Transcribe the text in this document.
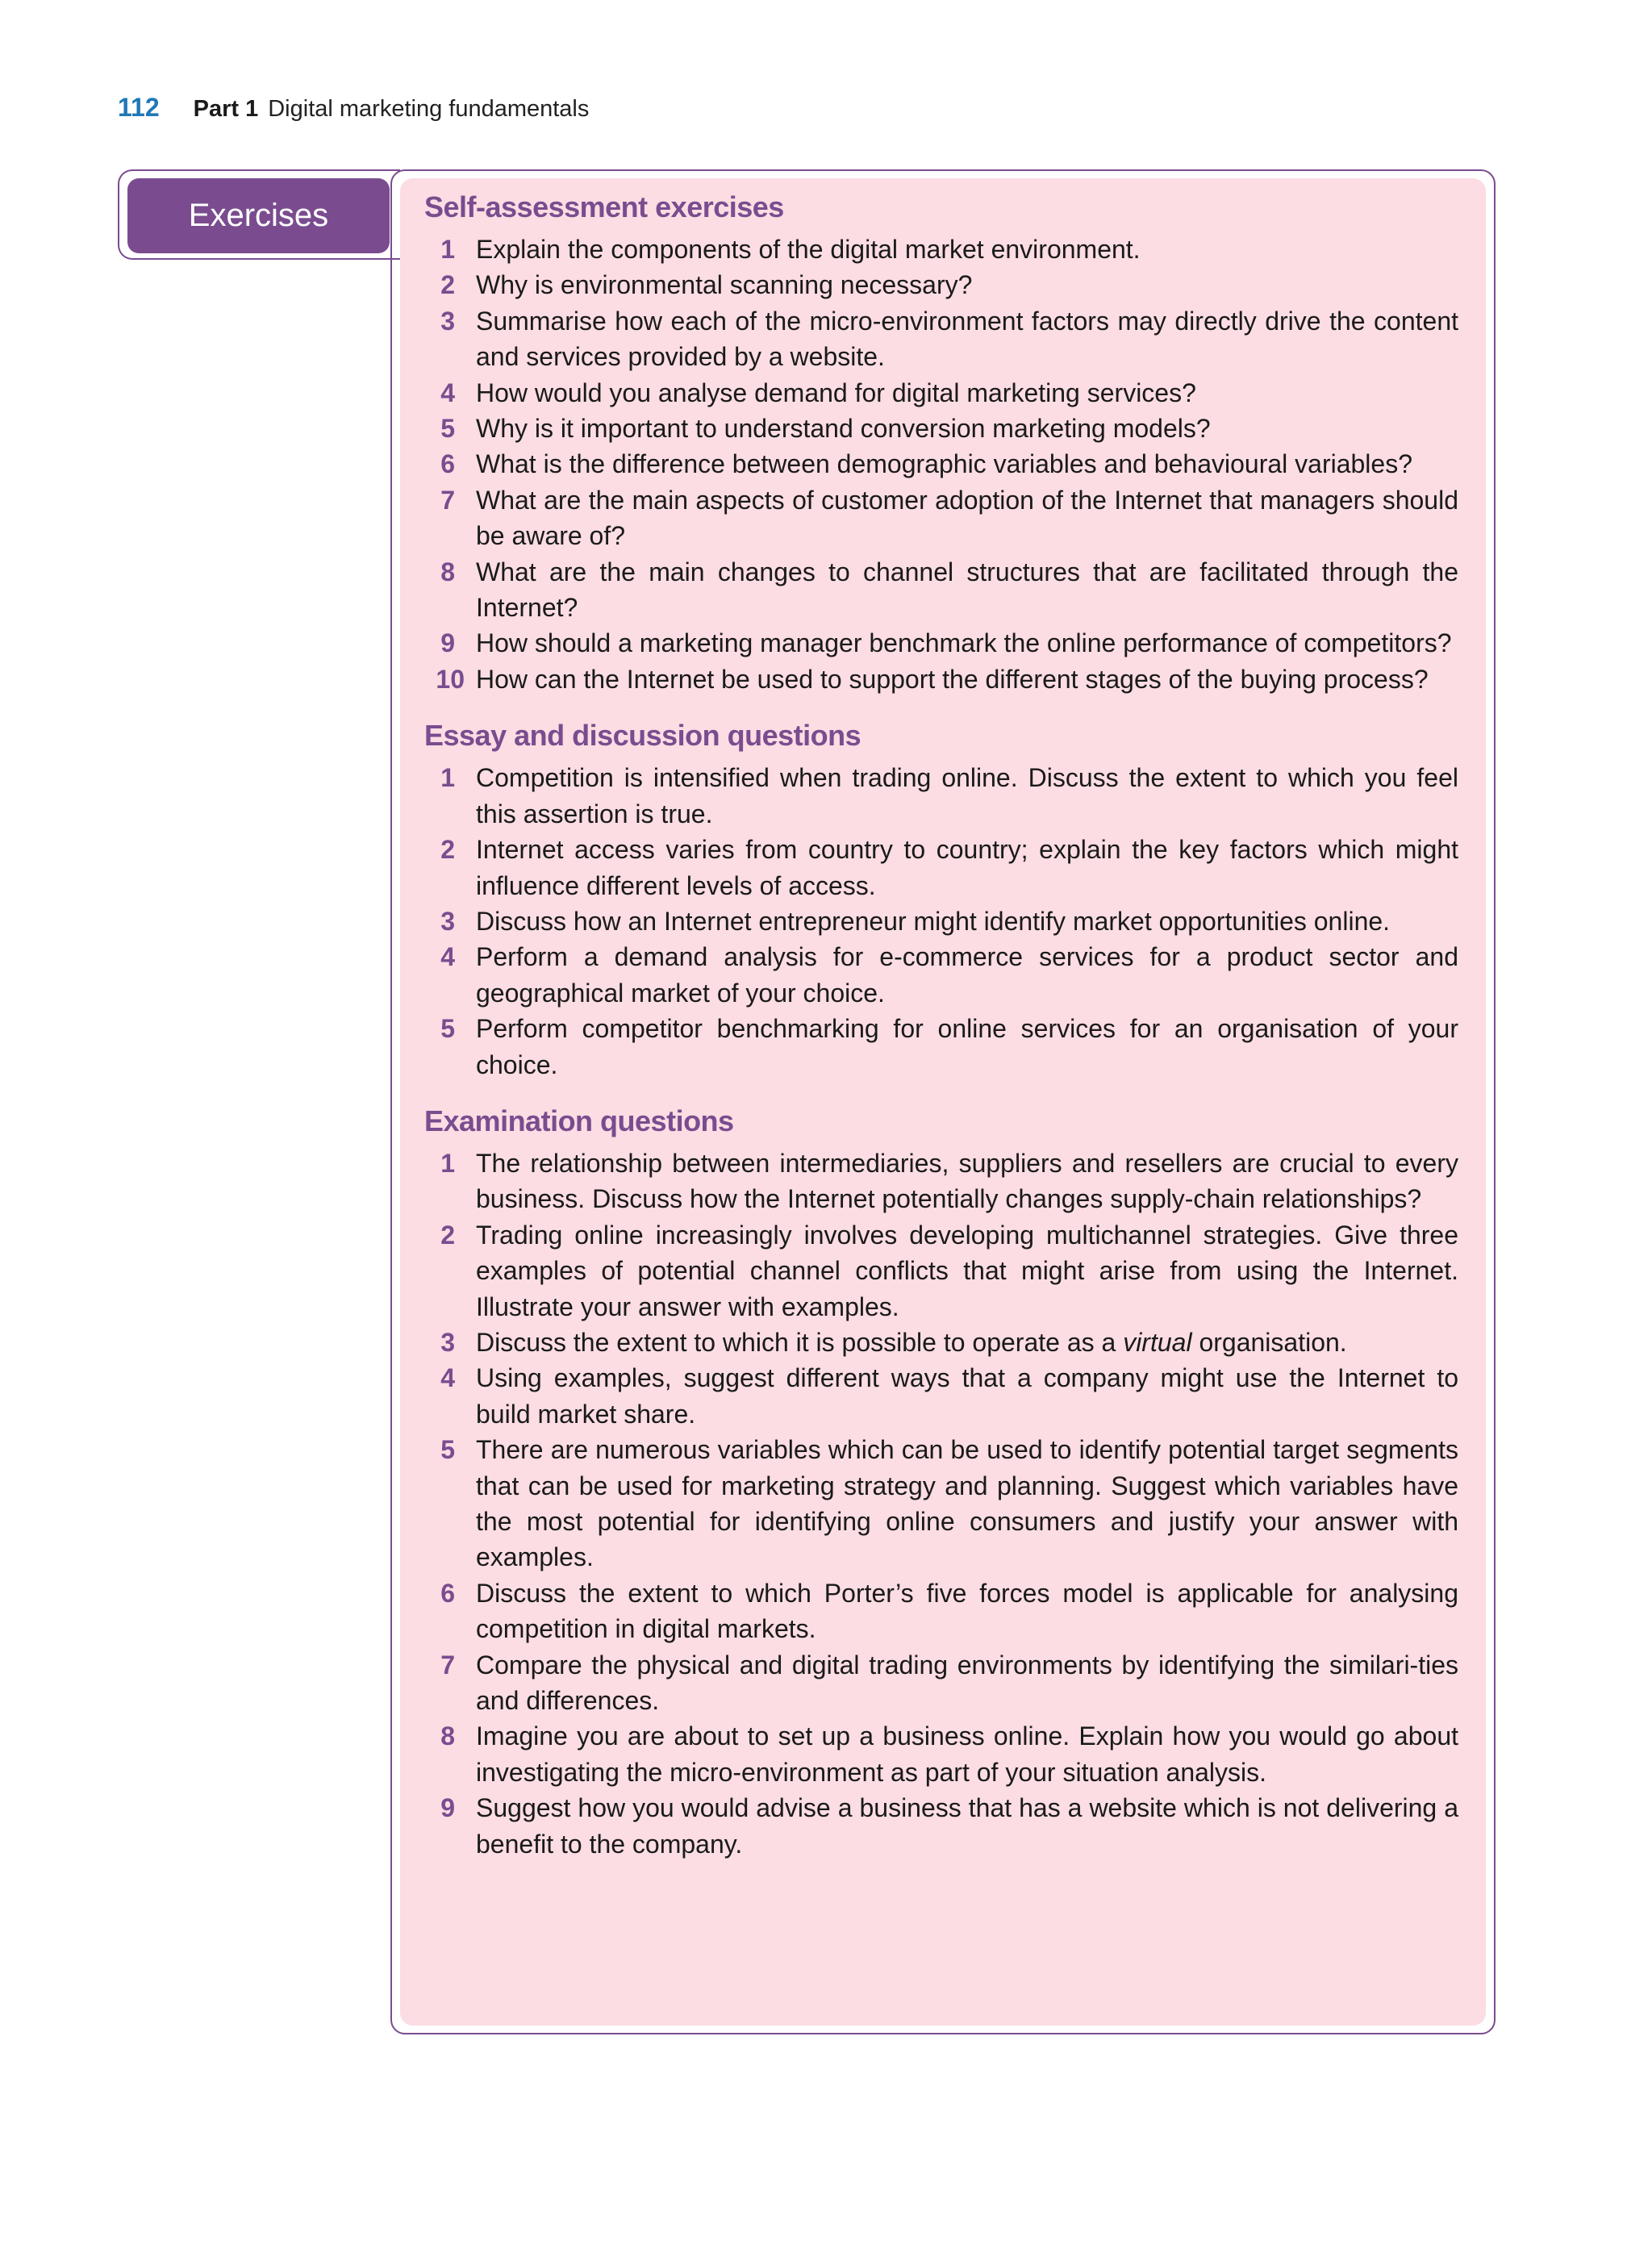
112 Part 1 Digital marketing fundamentals
Exercises	Self-assessment exercises
1 Explain the components of the digital market environment.
2 Why is environmental scanning necessary?
3 Summarise how each of the micro-environment factors may directly drive the content and services provided by a website.
4 How would you analyse demand for digital marketing services?
5 Why is it important to understand conversion marketing models?
6 What is the difference between demographic variables and behavioural variables?
7 What are the main aspects of customer adoption of the Internet that managers should be aware of?
8 What are the main changes to channel structures that are facilitated through the Internet?
9 How should a marketing manager benchmark the online performance of competitors?
10 How can the Internet be used to support the different stages of the buying process?
Essay and discussion questions
1 Competition is intensified when trading online. Discuss the extent to which you feel this assertion is true.
2 Internet access varies from country to country; explain the key factors which might influence different levels of access.
3 Discuss how an Internet entrepreneur might identify market opportunities online.
4 Perform a demand analysis for e-commerce services for a product sector and geographical market of your choice.
5 Perform competitor benchmarking for online services for an organisation of your choice.
Examination questions
1 The relationship between intermediaries, suppliers and resellers are crucial to every business. Discuss how the Internet potentially changes supply-chain relationships?
2 Trading online increasingly involves developing multichannel strategies. Give three examples of potential channel conflicts that might arise from using the Internet. Illustrate your answer with examples.
3 Discuss the extent to which it is possible to operate as a virtual organisation.
4 Using examples, suggest different ways that a company might use the Internet to build market share.
5 There are numerous variables which can be used to identify potential target segments that can be used for marketing strategy and planning. Suggest which variables have the most potential for identifying online consumers and justify your answer with examples.
6 Discuss the extent to which Porter’s five forces model is applicable for analysing competition in digital markets.
7 Compare the physical and digital trading environments by identifying the similari-ties and differences.
8 Imagine you are about to set up a business online. Explain how you would go about investigating the micro-environment as part of your situation analysis.
9 Suggest how you would advise a business that has a website which is not delivering a benefit to the company.
